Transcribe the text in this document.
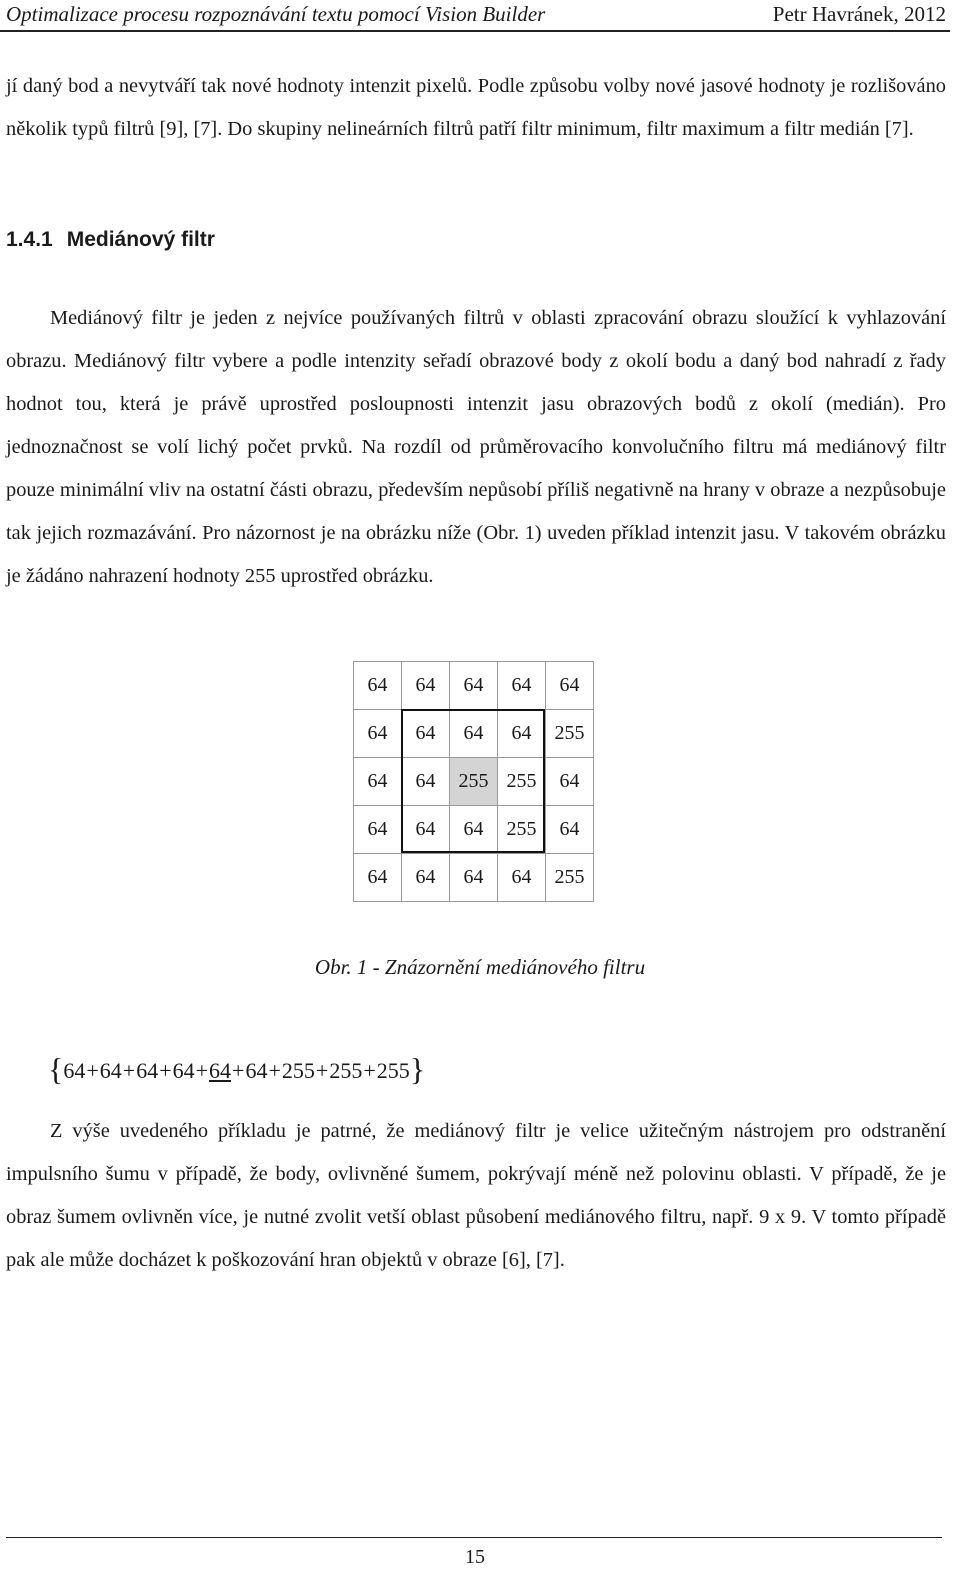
Optimalizace procesu rozpoznávání textu pomocí Vision Builder	Petr Havránek, 2012

jí daný bod a nevytváří tak nové hodnoty intenzit pixelů. Podle způsobu volby nové jasové hodnoty je rozlišováno několik typů filtrů [9], [7]. Do skupiny nelineárních filtrů patří filtr minimum, filtr maximum a filtr medián [7].

1.4.1 Mediánový filtr

Mediánový filtr je jeden z nejvíce používaných filtrů v oblasti zpracování obrazu sloužící k vyhlazování obrazu. Mediánový filtr vybere a podle intenzity seřadí obrazové body z okolí bodu a daný bod nahradí z řady hodnot tou, která je právě uprostřed posloupnosti intenzit jasu obrazových bodů z okolí (medián). Pro jednoznačnost se volí lichý počet prvků. Na rozdíl od průměrovacího konvolučního filtru má mediánový filtr pouze minimální vliv na ostatní části obrazu, především nepůsobí příliš negativně na hrany v obraze a nezpůsobuje tak jejich rozmazávání. Pro názornost je na obrázku níže (Obr. 1) uveden příklad intenzit jasu. V takovém obrázku je žádáno nahrazení hodnoty 255 uprostřed obrázku.

64	64	64	64	64
64	64	64	64	255
64	64	255	255	64
64	64	64	255	64
64	64	64	64	255
Obr. 1 - Znázornění mediánového filtru
{64+64+64+64+64+64+255+255+255}

Z výše uvedeného příkladu je patrné, že mediánový filtr je velice užitečným nástrojem pro odstranění impulsního šumu v případě, že body, ovlivněné šumem, pokrývají méně než polovinu oblasti. V případě, že je obraz šumem ovlivněn více, je nutné zvolit vetší oblast působení mediánového filtru, např. 9 x 9. V tomto případě pak ale může docházet k poškozování hran objektů v obraze [6], [7].

15
